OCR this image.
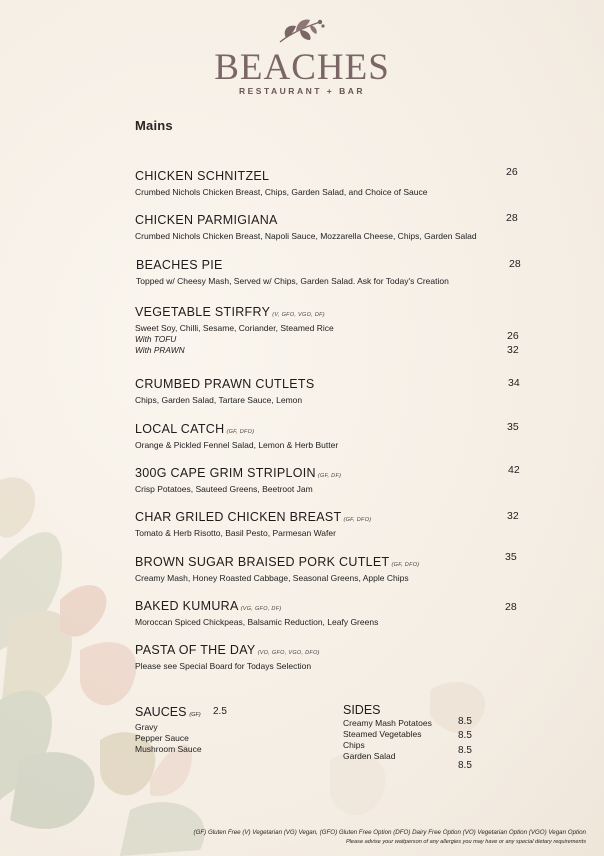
BEACHES
RESTAURANT + BAR
Mains
CHICKEN SCHNITZEL
Crumbed Nichols Chicken Breast, Chips, Garden Salad, and Choice of Sauce
26
CHICKEN PARMIGIANA
Crumbed Nichols Chicken Breast, Napoli Sauce, Mozzarella Cheese, Chips, Garden Salad
28
BEACHES PIE
Topped w/ Cheesy Mash, Served w/ Chips, Garden Salad. Ask for Today's Creation
28
VEGETABLE STIRFRY (V, GFO, VGO, DF)
Sweet Soy, Chilli, Sesame, Coriander, Steamed Rice
With TOFU
With PRAWN
26
32
CRUMBED PRAWN CUTLETS
Chips, Garden Salad, Tartare Sauce, Lemon
34
LOCAL CATCH (GF, DFO)
Orange & Pickled Fennel Salad, Lemon & Herb Butter
35
300G CAPE GRIM STRIPLOIN (GF, DF)
Crisp Potatoes, Sauteed Greens, Beetroot Jam
42
CHAR GRILED CHICKEN BREAST (GF, DFO)
Tomato & Herb Risotto, Basil Pesto, Parmesan Wafer
32
BROWN SUGAR BRAISED PORK CUTLET (GF, DFO)
Creamy Mash, Honey Roasted Cabbage, Seasonal Greens, Apple Chips
35
BAKED KUMURA (VG, GFO, DF)
Moroccan Spiced Chickpeas, Balsamic Reduction, Leafy Greens
28
PASTA OF THE DAY (VO, GFO, VGO, DFO)
Please see Special Board for Todays Selection
SAUCES (GF)
Gravy
Pepper Sauce
Mushroom Sauce
2.5	SIDES
Creamy Mash Potatoes
Steamed Vegetables
Chips
Garden Salad
8.5
8.5
8.5
8.5
(GF) Gluten Free (V) Vegetarian (VG) Vegan, (GFO) Gluten Free Option (DFO) Dairy Free Option (VO) Vegetarian Option (VGO) Vegan Option
Please advise your waitperson of any allergies you may have or any special dietary requirements
